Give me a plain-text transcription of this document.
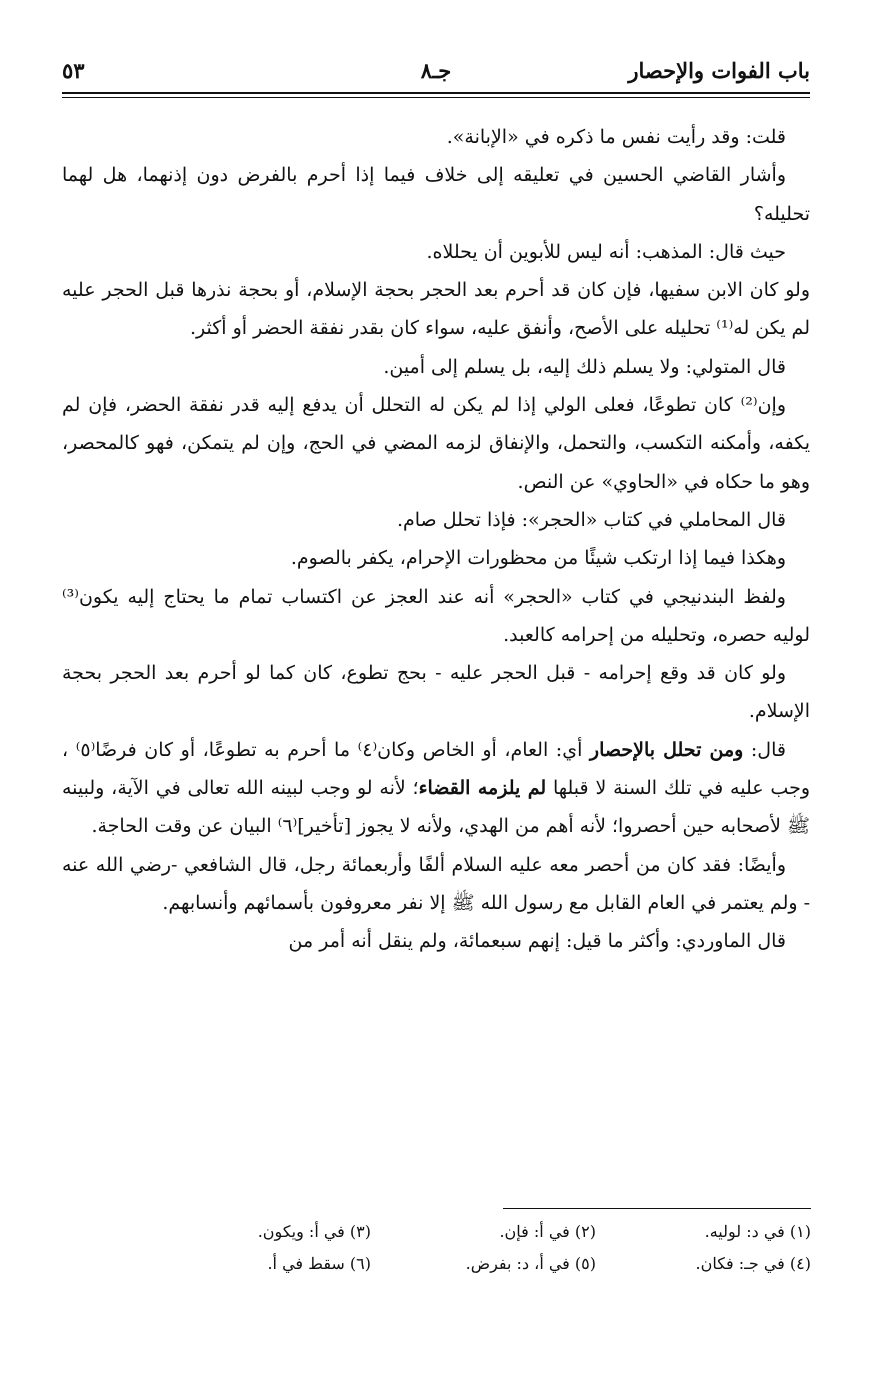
باب الفوات والإحصار
جـ٨
٥٣

قلت: وقد رأيت نفس ما ذكره في «الإبانة».

وأشار القاضي الحسين في تعليقه إلى خلاف فيما إذا أحرم بالفرض دون إذنهما، هل لهما تحليله؟

حيث قال: المذهب: أنه ليس للأبوين أن يحللاه.

ولو كان الابن سفيها، فإن كان قد أحرم بعد الحجر بحجة الإسلام، أو بحجة نذرها قبل الحجر عليه لم يكن له⁽¹⁾ تحليله على الأصح، وأنفق عليه، سواء كان بقدر نفقة الحضر أو أكثر.

قال المتولي: ولا يسلم ذلك إليه، بل يسلم إلى أمين.

وإن⁽²⁾ كان تطوعًا، فعلى الولي إذا لم يكن له التحلل أن يدفع إليه قدر نفقة الحضر، فإن لم يكفه، وأمكنه التكسب، والتحمل، والإنفاق لزمه المضي في الحج، وإن لم يتمكن، فهو كالمحصر، وهو ما حكاه في «الحاوي» عن النص.

قال المحاملي في كتاب «الحجر»: فإذا تحلل صام.

وهكذا فيما إذا ارتكب شيئًا من محظورات الإحرام، يكفر بالصوم.

ولفظ البندنيجي في كتاب «الحجر» أنه عند العجز عن اكتساب تمام ما يحتاج إليه يكون⁽³⁾ لوليه حصره، وتحليله من إحرامه كالعبد.

ولو كان قد وقع إحرامه - قبل الحجر عليه - بحج تطوع، كان كما لو أحرم بعد الحجر بحجة الإسلام.

قال: ومن تحلل بالإحصار أي: العام، أو الخاص وكان⁽٤⁾ ما أحرم به تطوعًا، أو كان فرضًا⁽٥⁾ ، وجب عليه في تلك السنة لا قبلها لم يلزمه القضاء؛ لأنه لو وجب لبينه الله تعالى في الآية، ولبينه ﷺ لأصحابه حين أحصروا؛ لأنه أهم من الهدي، ولأنه لا يجوز [تأخير]⁽٦⁾ البيان عن وقت الحاجة.

وأيضًا: فقد كان من أحصر معه عليه السلام ألفًا وأربعمائة رجل، قال الشافعي -رضي الله عنه - ولم يعتمر في العام القابل مع رسول الله ﷺ إلا نفر معروفون بأسمائهم وأنسابهم.

قال الماوردي: وأكثر ما قيل: إنهم سبعمائة، ولم ينقل أنه أمر من

(١) في د: لوليه.
(٢) في أ: فإن.
(٣) في أ: ويكون.
(٤) في جـ: فكان.
(٥) في أ، د: بفرض.
(٦) سقط في أ.
